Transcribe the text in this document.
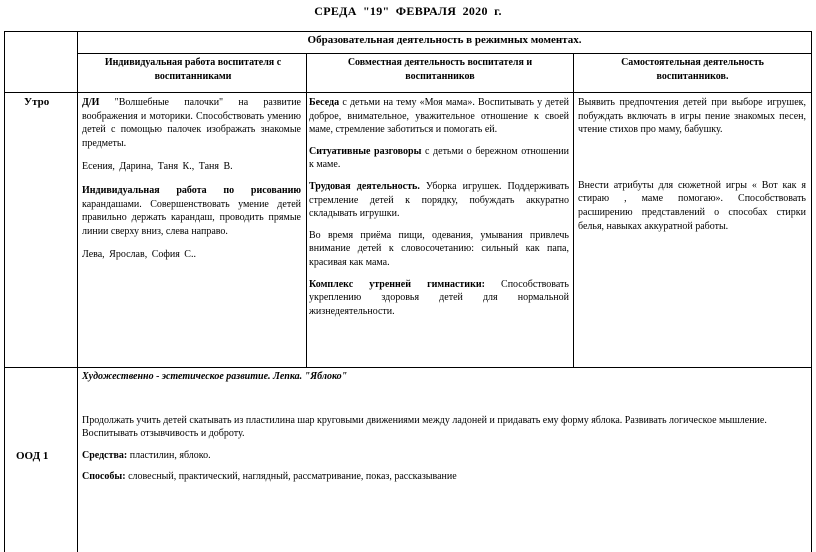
СРЕДА "19" ФЕВРАЛЯ 2020 г.
Образовательная деятельность в режимных моментах.
Индивидуальная работа воспитателя с воспитанниками
Совместная деятельность воспитателя и воспитанников
Самостоятельная деятельность воспитанников.
Утро	Д/И "Волшебные палочки" на развитие воображения и моторики. Способствовать умению детей с помощью палочек изображать знакомые предметы.
Есения, Дарина, Таня К., Таня В.
Индивидуальная работа по рисованию карандашами. Совершенствовать умение детей правильно держать карандаш, проводить прямые линии сверху вниз, слева направо.
Лева, Ярослав, София С..
Беседа с детьми на тему «Моя мама». Воспитывать у детей доброе, внимательное, уважительное отношение к своей маме, стремление заботиться и помогать ей.
Ситуативные разговоры с детьми о бережном отношении к маме.
Трудовая деятельность. Уборка игрушек. Поддерживать стремление детей к порядку, побуждать аккуратно складывать игрушки.
Во время приёма пищи, одевания, умывания привлечь внимание детей к словосочетанию: сильный как папа, красивая как мама.
Комплекс утренней гимнастики: Способствовать укреплению здоровья детей для нормальной жизнедеятельности.
Выявить предпочтения детей при выборе игрушек, побуждать включать в игры пение знакомых песен, чтение стихов про маму, бабушку.
Внести атрибуты для сюжетной игры « Вот как я стираю , маме помогаю». Способствовать расширению представлений о способах стирки белья, навыках аккуратной работы.
ООД 1
Художественно - эстетическое развитие. Лепка. "Яблоко"
Продолжать учить детей скатывать из пластилина шар круговыми движениями между ладоней и придавать ему форму яблока. Развивать логическое мышление. Воспитывать отзывчивость и доброту.
Средства: пластилин, яблоко.
Способы: словесный, практический, наглядный, рассматривание, показ, рассказывание
